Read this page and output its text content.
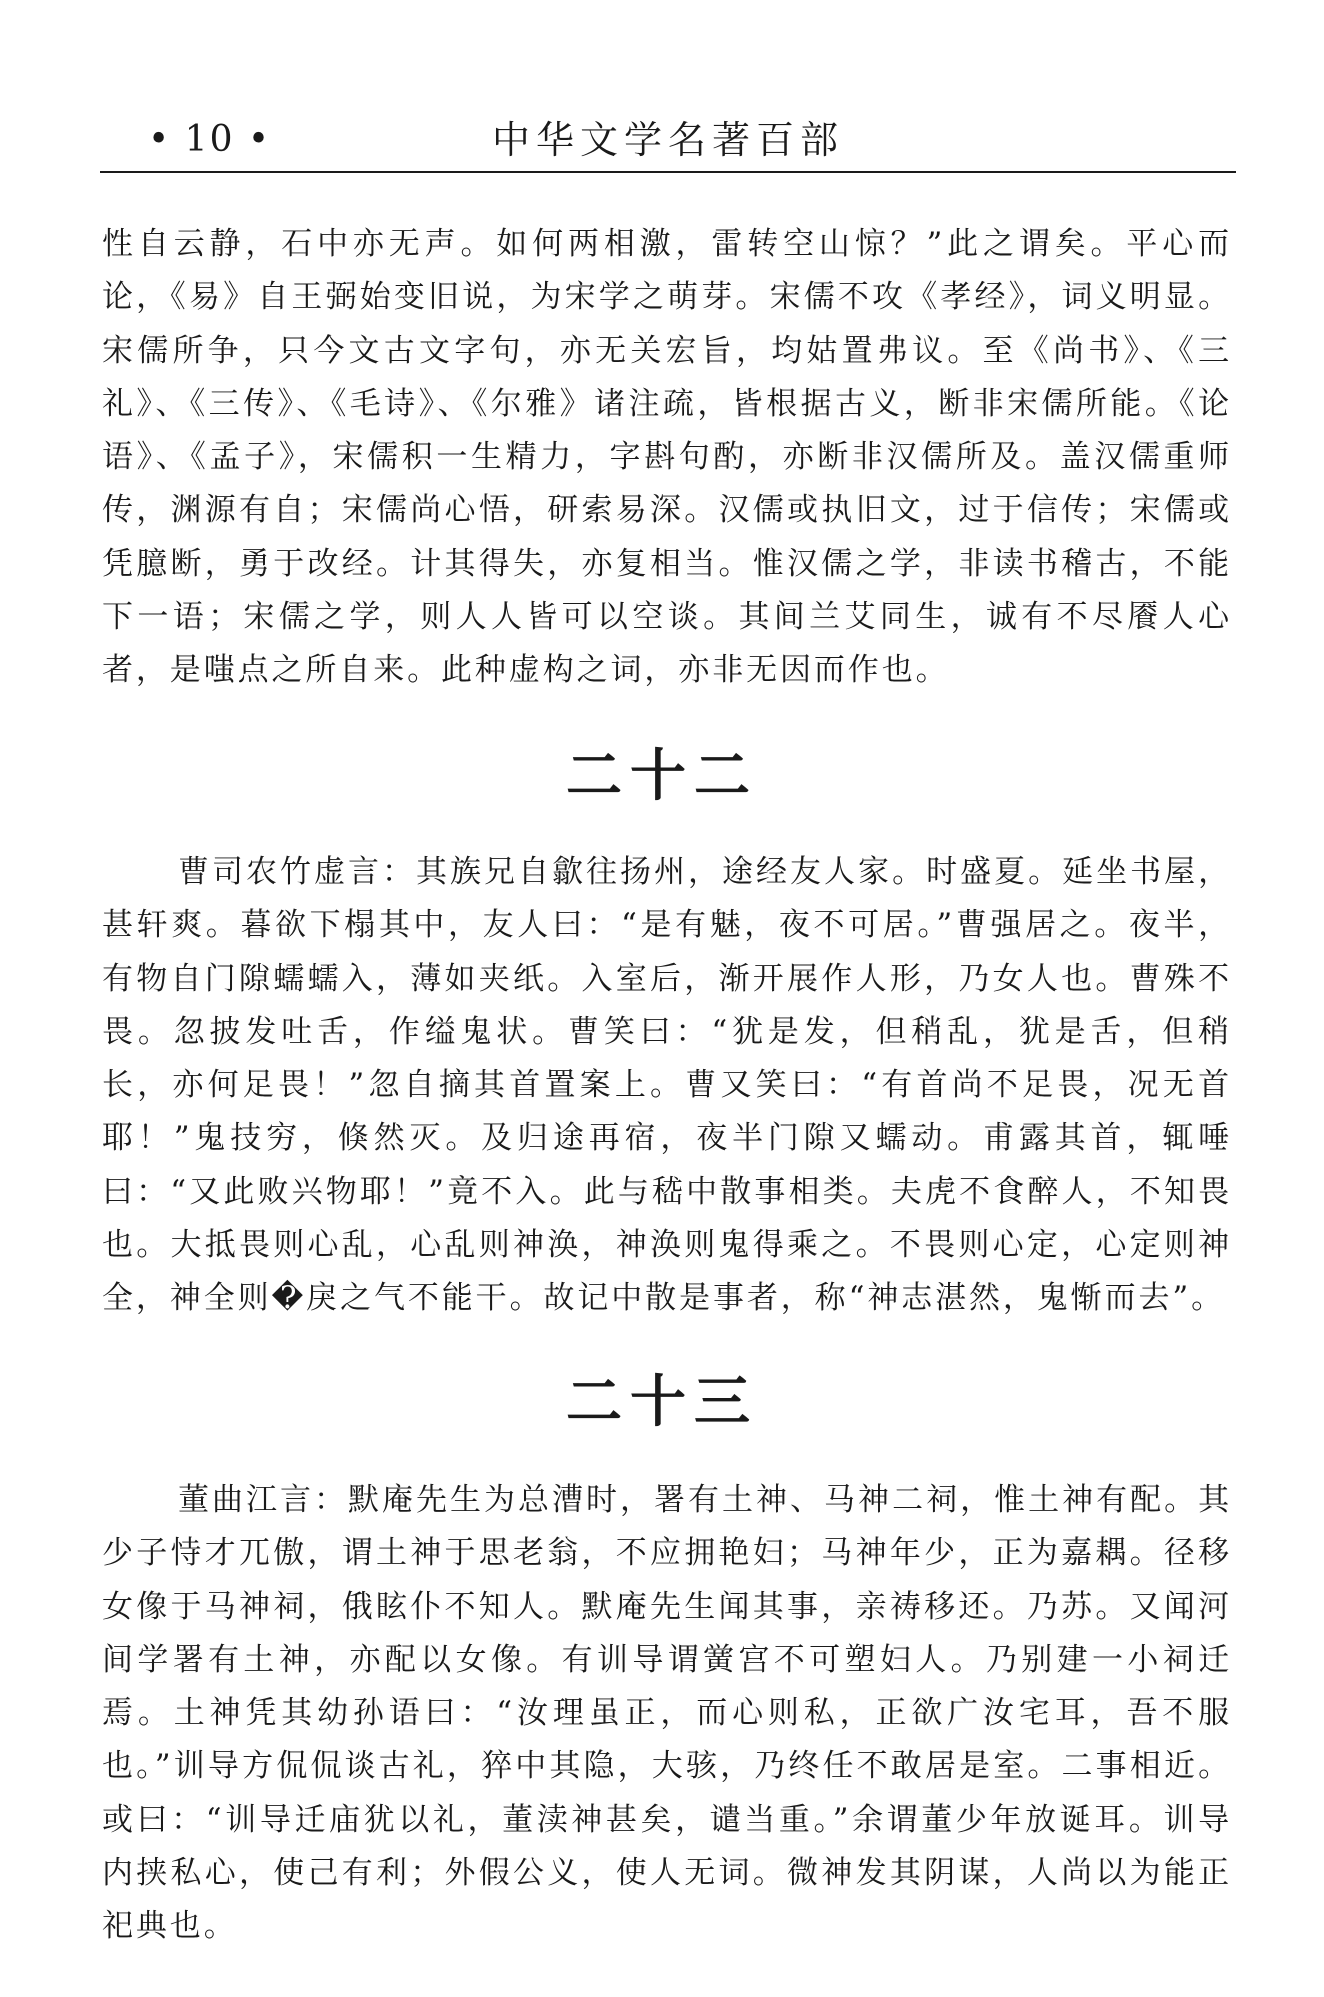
• 10 •	中华文学名著百部

性自云静，石中亦无声。如何两相激，雷转空山惊？”此之谓矣。平心而论，《易》自王弼始变旧说，为宋学之萌芽。宋儒不攻《孝经》，词义明显。宋儒所争，只今文古文字句，亦无关宏旨，均姑置弗议。至《尚书》、《三礼》、《三传》、《毛诗》、《尔雅》诸注疏，皆根据古义，断非宋儒所能。《论语》、《孟子》，宋儒积一生精力，字斟句酌，亦断非汉儒所及。盖汉儒重师传，渊源有自；宋儒尚心悟，研索易深。汉儒或执旧文，过于信传；宋儒或凭臆断，勇于改经。计其得失，亦复相当。惟汉儒之学，非读书稽古，不能下一语；宋儒之学，则人人皆可以空谈。其间兰艾同生，诚有不尽餍人心者，是嗤点之所自来。此种虚构之词，亦非无因而作也。

二十二

曹司农竹虚言：其族兄自歙往扬州，途经友人家。时盛夏。延坐书屋，甚轩爽。暮欲下榻其中，友人曰：“是有魅，夜不可居。”曹强居之。夜半，有物自门隙蠕蠕入，薄如夹纸。入室后，渐开展作人形，乃女人也。曹殊不畏。忽披发吐舌，作缢鬼状。曹笑曰：“犹是发，但稍乱，犹是舌，但稍长，亦何足畏！”忽自摘其首置案上。曹又笑曰：“有首尚不足畏，况无首耶！”鬼技穷，倏然灭。及归途再宿，夜半门隙又蠕动。甫露其首，辄唾曰：“又此败兴物耶！”竟不入。此与嵇中散事相类。夫虎不食醉人，不知畏也。大抵畏则心乱，心乱则神涣，神涣则鬼得乘之。不畏则心定，心定则神全，神全则�戾之气不能干。故记中散是事者，称“神志湛然，鬼惭而去”。

二十三

董曲江言：默庵先生为总漕时，署有土神、马神二祠，惟土神有配。其少子恃才兀傲，谓土神于思老翁，不应拥艳妇；马神年少，正为嘉耦。径移女像于马神祠，俄眩仆不知人。默庵先生闻其事，亲祷移还。乃苏。又闻河间学署有土神，亦配以女像。有训导谓黉宫不可塑妇人。乃别建一小祠迁焉。土神凭其幼孙语曰：“汝理虽正，而心则私，正欲广汝宅耳，吾不服也。”训导方侃侃谈古礼，猝中其隐，大骇，乃终任不敢居是室。二事相近。或曰：“训导迁庙犹以礼，董渎神甚矣，谴当重。”余谓董少年放诞耳。训导内挟私心，使己有利；外假公义，使人无词。微神发其阴谋，人尚以为能正祀典也。
